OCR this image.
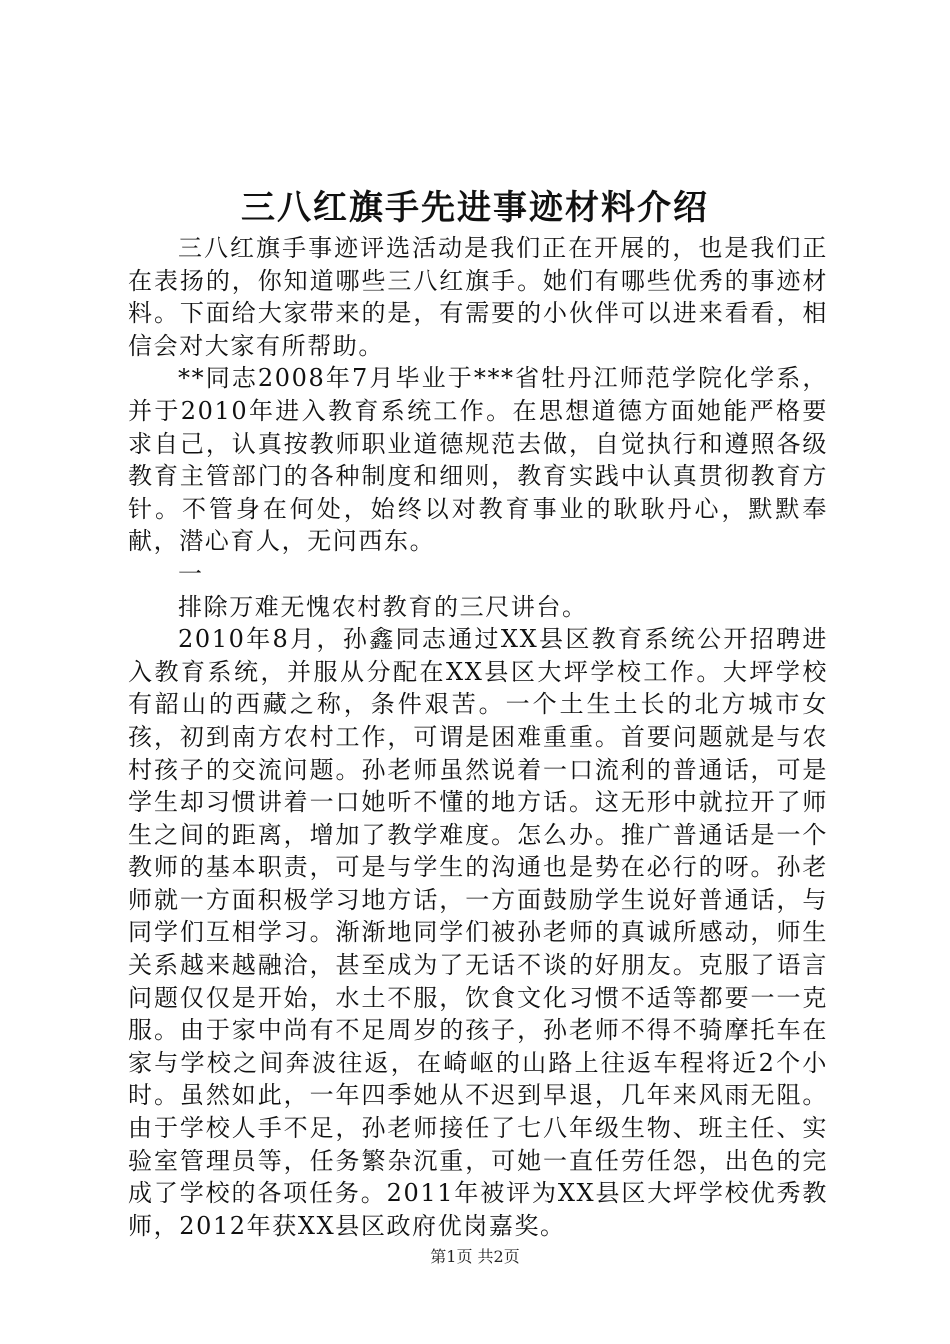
三八红旗手先进事迹材料介绍

三八红旗手事迹评选活动是我们正在开展的，也是我们正在表扬的，你知道哪些三八红旗手。她们有哪些优秀的事迹材料。下面给大家带来的是，有需要的小伙伴可以进来看看，相信会对大家有所帮助。

**同志2008年7月毕业于***省牡丹江师范学院化学系，并于2010年进入教育系统工作。在思想道德方面她能严格要求自己，认真按教师职业道德规范去做，自觉执行和遵照各级教育主管部门的各种制度和细则，教育实践中认真贯彻教育方针。不管身在何处，始终以对教育事业的耿耿丹心，默默奉献，潜心育人，无问西东。

一

排除万难无愧农村教育的三尺讲台。

2010年8月，孙鑫同志通过XX县区教育系统公开招聘进入教育系统，并服从分配在XX县区大坪学校工作。大坪学校有韶山的西藏之称，条件艰苦。一个土生土长的北方城市女孩，初到南方农村工作，可谓是困难重重。首要问题就是与农村孩子的交流问题。孙老师虽然说着一口流利的普通话，可是学生却习惯讲着一口她听不懂的地方话。这无形中就拉开了师生之间的距离，增加了教学难度。怎么办。推广普通话是一个教师的基本职责，可是与学生的沟通也是势在必行的呀。孙老师就一方面积极学习地方话，一方面鼓励学生说好普通话，与同学们互相学习。渐渐地同学们被孙老师的真诚所感动，师生关系越来越融洽，甚至成为了无话不谈的好朋友。克服了语言问题仅仅是开始，水土不服，饮食文化习惯不适等都要一一克服。由于家中尚有不足周岁的孩子，孙老师不得不骑摩托车在家与学校之间奔波往返，在崎岖的山路上往返车程将近2个小时。虽然如此，一年四季她从不迟到早退，几年来风雨无阻。由于学校人手不足，孙老师接任了七八年级生物、班主任、实验室管理员等，任务繁杂沉重，可她一直任劳任怨，出色的完成了学校的各项任务。2011年被评为XX县区大坪学校优秀教师，2012年获XX县区政府优岗嘉奖。

第1页 共2页
